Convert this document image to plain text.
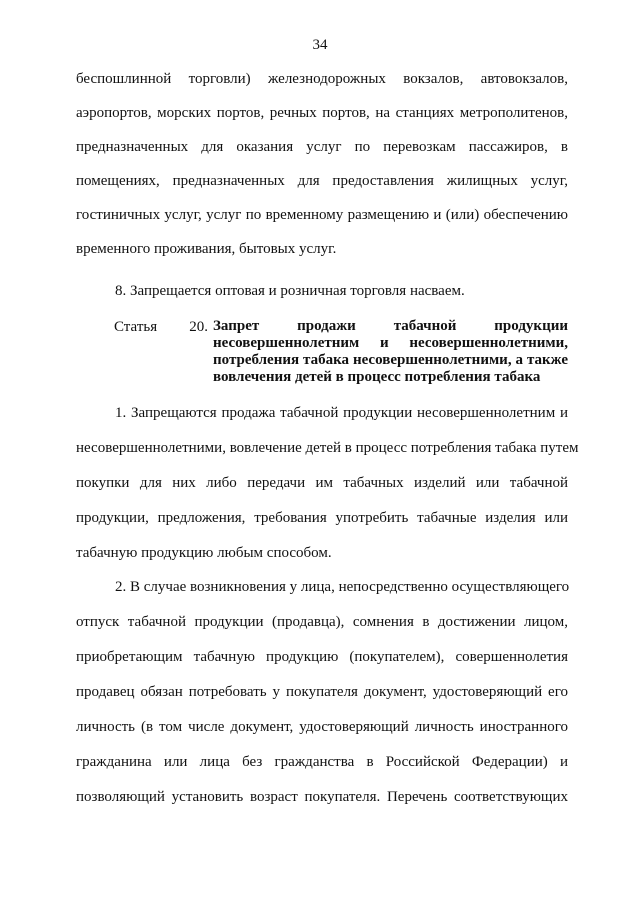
34
беспошлинной торговли) железнодорожных вокзалов, автовокзалов,
аэропортов, морских портов, речных портов, на станциях метрополитенов,
предназначенных для оказания услуг по перевозкам пассажиров, в
помещениях, предназначенных для предоставления жилищных услуг,
гостиничных услуг, услуг по временному размещению и (или) обеспечению
временного проживания, бытовых услуг.
8. Запрещается оптовая и розничная торговля насваем.
Статья 20. Запрет продажи табачной продукции
несовершеннолетним и несовершеннолетними,
потребления табака несовершеннолетними, а также
вовлечения детей в процесс потребления табака
1. Запрещаются продажа табачной продукции несовершеннолетним и
несовершеннолетними, вовлечение детей в процесс потребления табака путем
покупки для них либо передачи им табачных изделий или табачной
продукции, предложения, требования употребить табачные изделия или
табачную продукцию любым способом.
2. В случае возникновения у лица, непосредственно осуществляющего
отпуск табачной продукции (продавца), сомнения в достижении лицом,
приобретающим табачную продукцию (покупателем), совершеннолетия
продавец обязан потребовать у покупателя документ, удостоверяющий его
личность (в том числе документ, удостоверяющий личность иностранного
гражданина или лица без гражданства в Российской Федерации) и
позволяющий установить возраст покупателя. Перечень соответствующих
